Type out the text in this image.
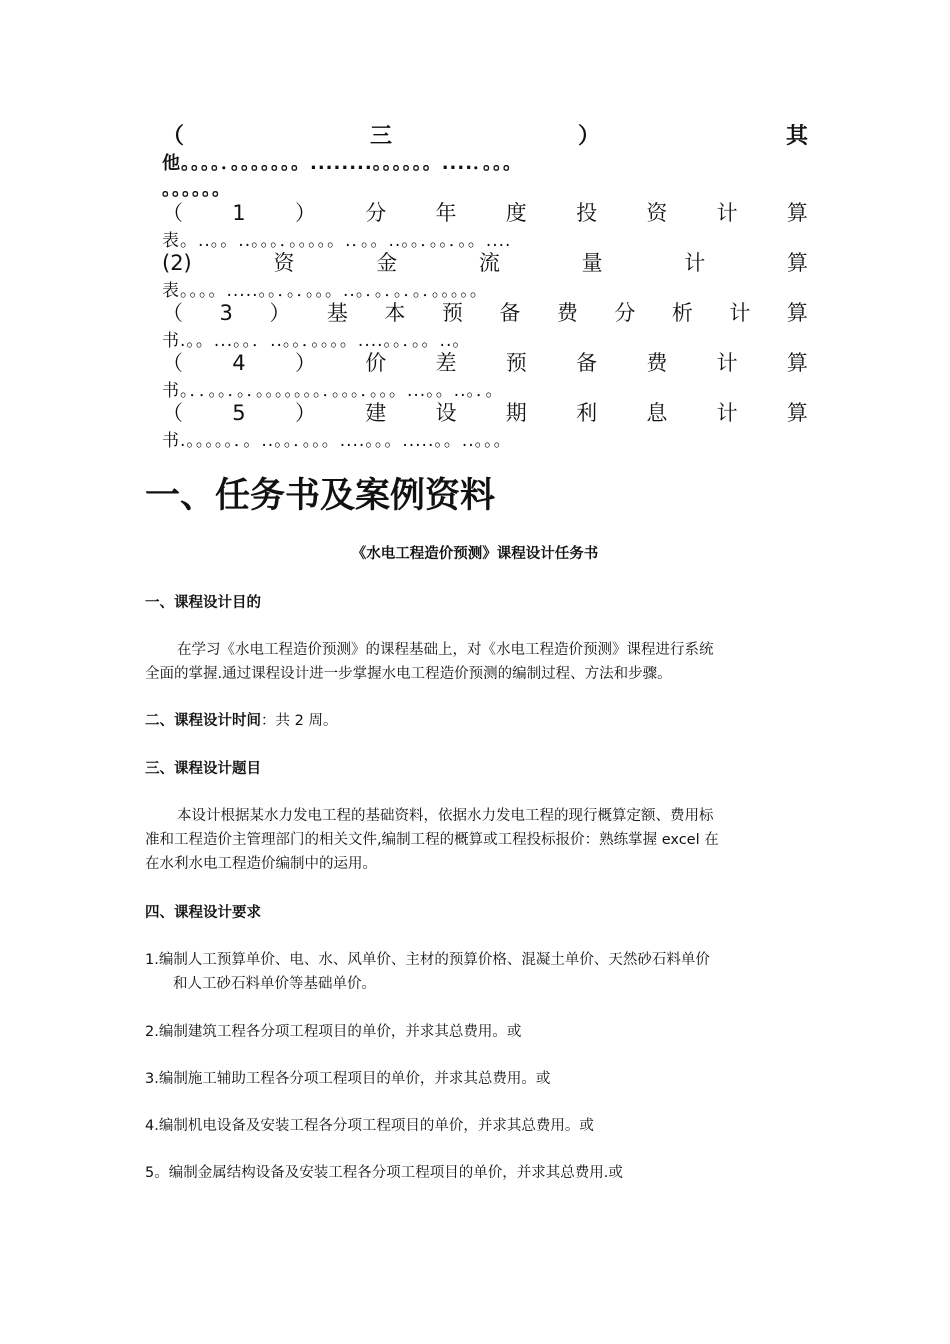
（	三	）	其
他。。。。．。。。。。。。........。。。。。。....．。。。
。。。。。。
（ 1 ） 分 年 度 投 资 计 算
表。..。。..。。。．。。。。。.．。。..。。．。。．。。....
(2)	资	金	流	量	计	算
表。。。。.....。。．。．。。。..。．。．。．。．。。。。。
（ 3 ） 基 本 预 备 费 分 析 计 算
书.。。...。。．..。。．。。。。....。。．。。..。
（ 4 ） 价 差 预 备 费 计 算
书。．．。。．。．。。。。。。。．。。。．。。。...。。..。．。
（ 5 ） 建 设 期 利 息 计 算
书.。。。。。．。..。。．。。。....。。。.....。。..。。。
一、任务书及案例资料
《水电工程造价预测》课程设计任务书
一、课程设计目的
在学习《水电工程造价预测》的课程基础上，对《水电工程造价预测》课程进行系统
全面的掌握.通过课程设计进一步掌握水电工程造价预测的编制过程、方法和步骤。
二、课程设计时间：共 2 周。
三、课程设计题目
本设计根据某水力发电工程的基础资料，依据水力发电工程的现行概算定额、费用标
准和工程造价主管理部门的相关文件,编制工程的概算或工程投标报价：熟练掌握 excel 在
在水利水电工程造价编制中的运用。
四、课程设计要求
1.编制人工预算单价、电、水、风单价、主材的预算价格、混凝土单价、天然砂石料单价
和人工砂石料单价等基础单价。
2.编制建筑工程各分项工程项目的单价，并求其总费用。或
3.编制施工辅助工程各分项工程项目的单价，并求其总费用。或
4.编制机电设备及安装工程各分项工程项目的单价，并求其总费用。或
5。编制金属结构设备及安装工程各分项工程项目的单价，并求其总费用.或
